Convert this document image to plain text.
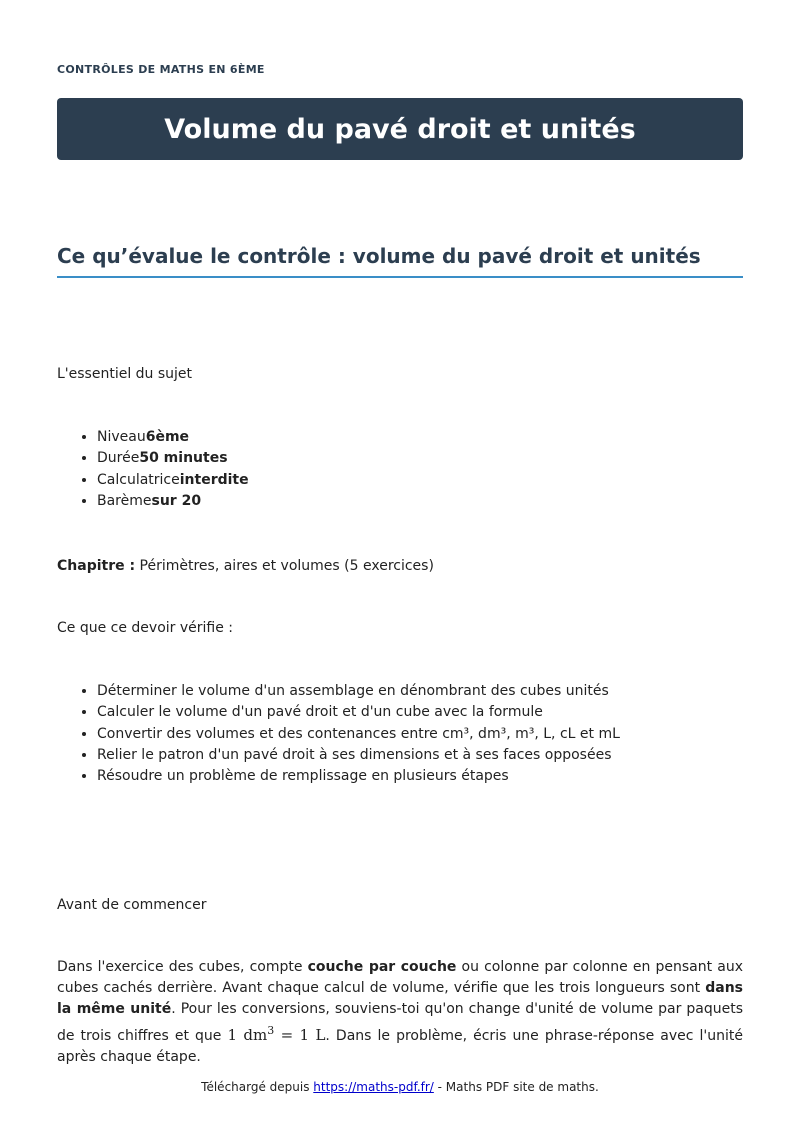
CONTRÔLES DE MATHS EN 6ÈME
Volume du pavé droit et unités
Ce qu’évalue le contrôle : volume du pavé droit et unités
L'essentiel du sujet
• Niveau6ème
• Durée50 minutes
• Calculatriceinterdite
• Barèmesur 20
Chapitre : Périmètres, aires et volumes (5 exercices)
Ce que ce devoir vérifie :
• Déterminer le volume d'un assemblage en dénombrant des cubes unités
• Calculer le volume d'un pavé droit et d'un cube avec la formule
• Convertir des volumes et des contenances entre cm³, dm³, m³, L, cL et mL
• Relier le patron d'un pavé droit à ses dimensions et à ses faces opposées
• Résoudre un problème de remplissage en plusieurs étapes
Avant de commencer
Dans l'exercice des cubes, compte couche par couche ou colonne par colonne en pensant aux cubes cachés derrière. Avant chaque calcul de volume, vérifie que les trois longueurs sont dans la même unité. Pour les conversions, souviens-toi qu'on change d'unité de volume par paquets de trois chiffres et que 1 $dm^3 = 1$ L. Dans le problème, écris une phrase-réponse avec l'unité après chaque étape.
Téléchargé depuis https://maths-pdf.fr/ - Maths PDF site de maths.
